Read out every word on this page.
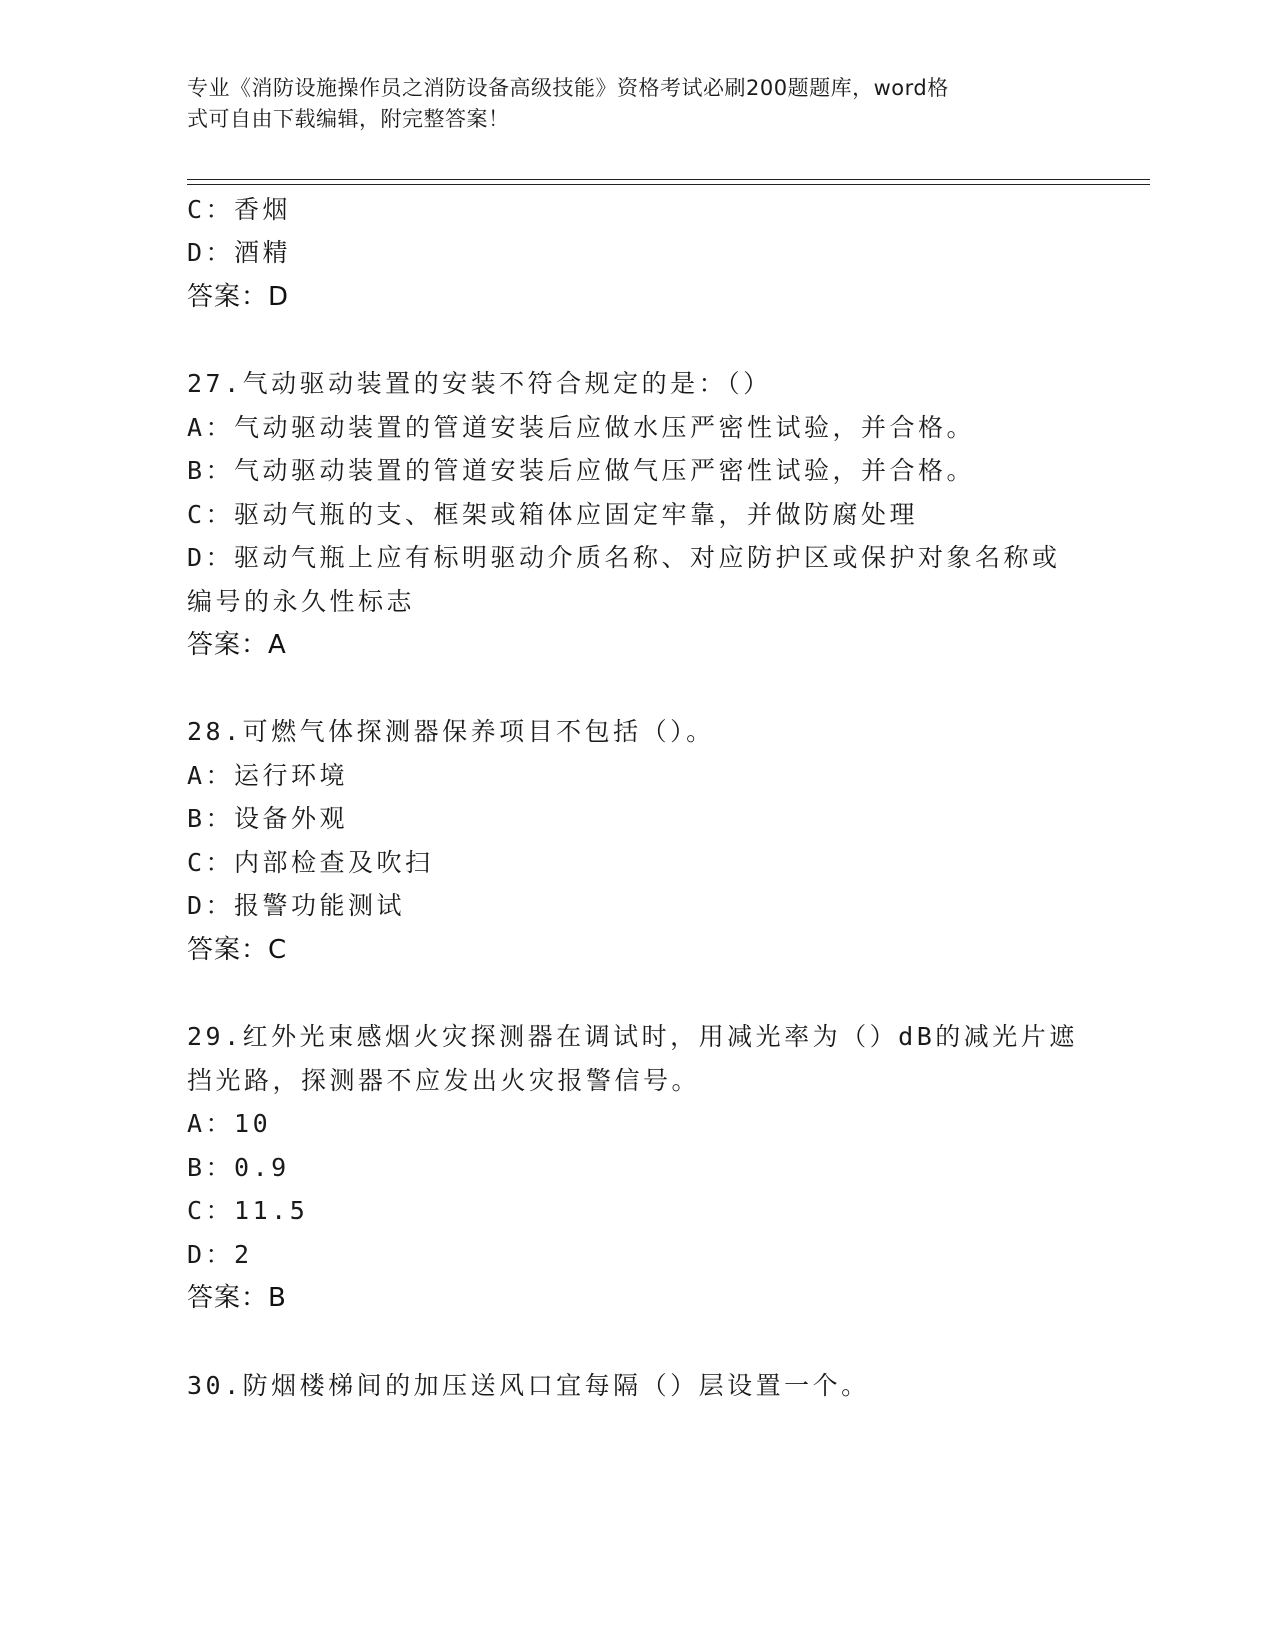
专业《消防设施操作员之消防设备高级技能》资格考试必刷200题题库，word格
式可自由下载编辑，附完整答案！
C：香烟
D：酒精
答案：D
27.气动驱动装置的安装不符合规定的是：（）
A：气动驱动装置的管道安装后应做水压严密性试验，并合格。
B：气动驱动装置的管道安装后应做气压严密性试验，并合格。
C：驱动气瓶的支、框架或箱体应固定牢靠，并做防腐处理
D：驱动气瓶上应有标明驱动介质名称、对应防护区或保护对象名称或
编号的永久性标志
答案：A
28.可燃气体探测器保养项目不包括（）。
A：运行环境
B：设备外观
C：内部检查及吹扫
D：报警功能测试
答案：C
29.红外光束感烟火灾探测器在调试时，用减光率为（）dB的减光片遮
挡光路，探测器不应发出火灾报警信号。
A：10
B：0.9
C：11.5
D：2
答案：B
30.防烟楼梯间的加压送风口宜每隔（）层设置一个。
